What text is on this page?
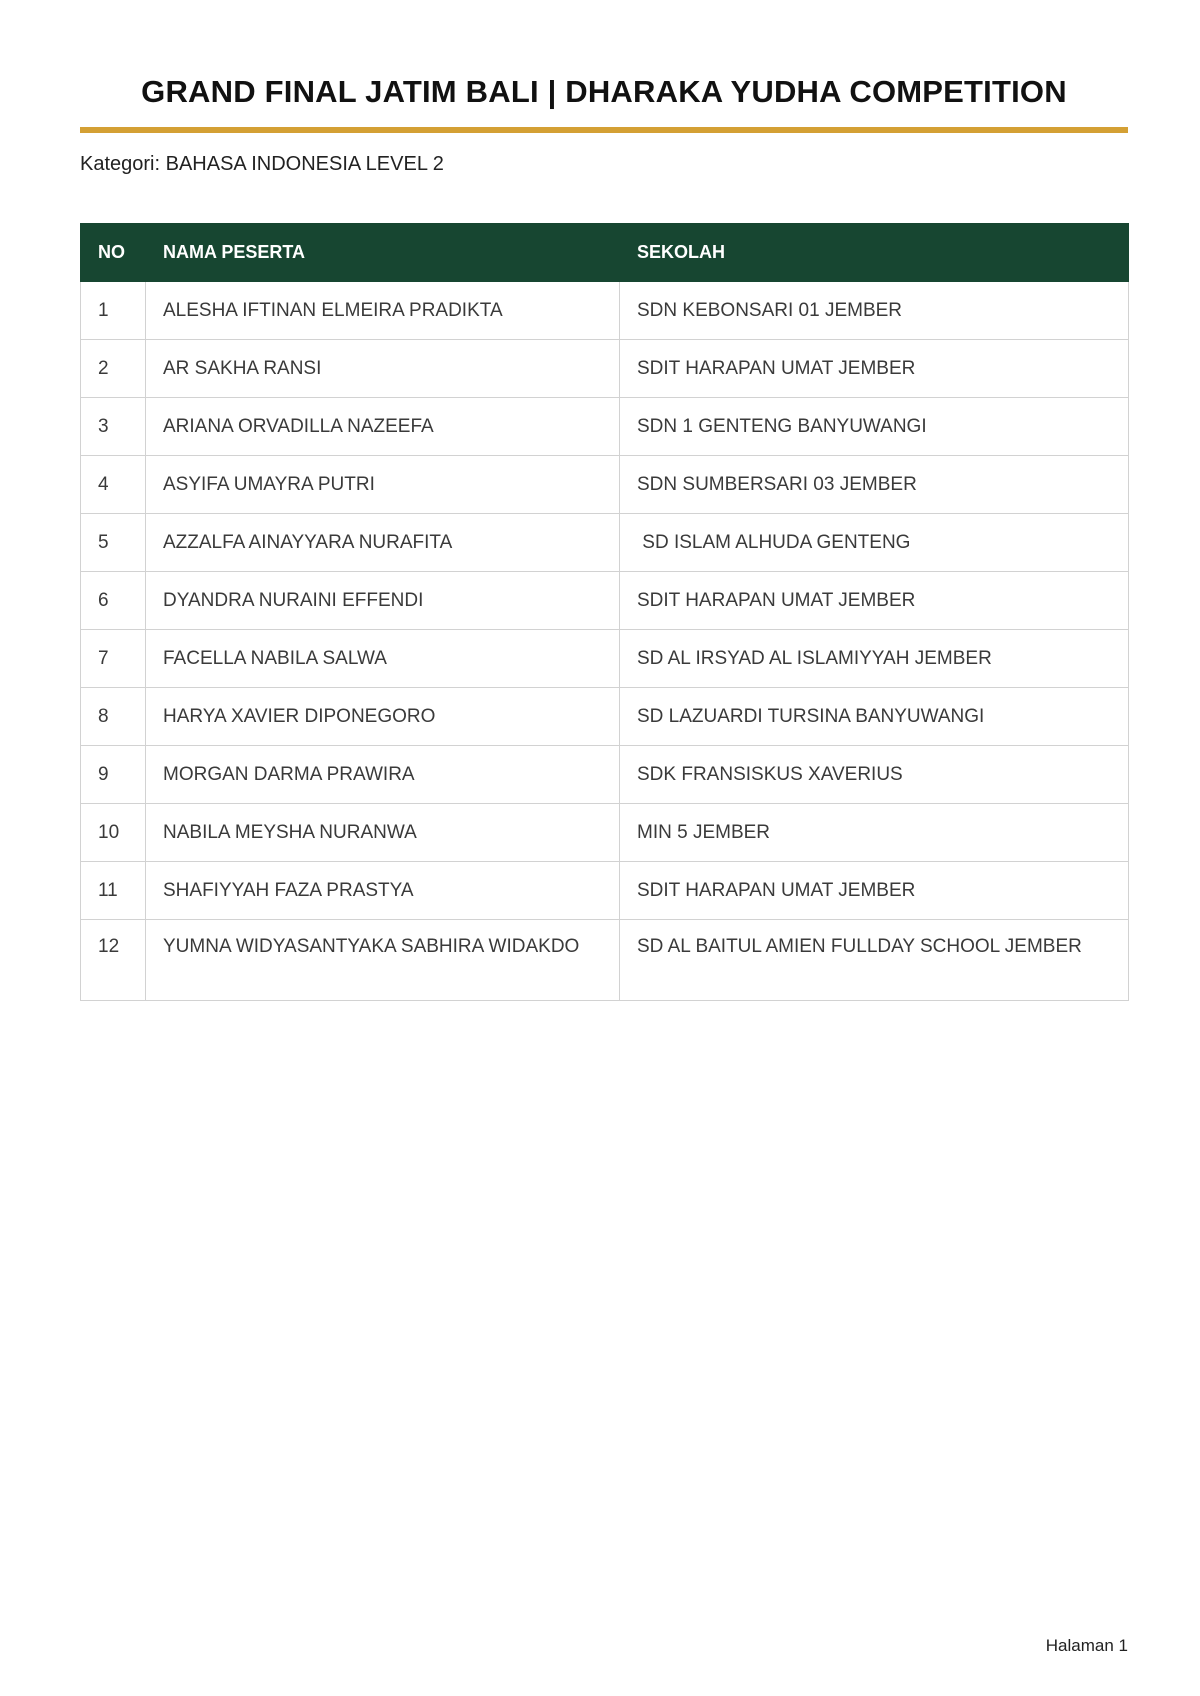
GRAND FINAL JATIM BALI | DHARAKA YUDHA COMPETITION
Kategori: BAHASA INDONESIA LEVEL 2
NO	NAMA PESERTA	SEKOLAH
1	ALESHA IFTINAN ELMEIRA PRADIKTA	SDN KEBONSARI 01 JEMBER
2	AR SAKHA RANSI	SDIT HARAPAN UMAT JEMBER
3	ARIANA ORVADILLA NAZEEFA	SDN 1 GENTENG BANYUWANGI
4	ASYIFA UMAYRA PUTRI	SDN SUMBERSARI 03 JEMBER
5	AZZALFA AINAYYARA NURAFITA	SD ISLAM ALHUDA GENTENG
6	DYANDRA NURAINI EFFENDI	SDIT HARAPAN UMAT JEMBER
7	FACELLA NABILA SALWA	SD AL IRSYAD AL ISLAMIYYAH JEMBER
8	HARYA XAVIER DIPONEGORO	SD LAZUARDI TURSINA BANYUWANGI
9	MORGAN DARMA PRAWIRA	SDK FRANSISKUS XAVERIUS
10	NABILA MEYSHA NURANWA	MIN 5 JEMBER
11	SHAFIYYAH FAZA PRASTYA	SDIT HARAPAN UMAT JEMBER
12	YUMNA WIDYASANTYAKA SABHIRA WIDAKDO	SD AL BAITUL AMIEN FULLDAY SCHOOL JEMBER
Halaman 1
